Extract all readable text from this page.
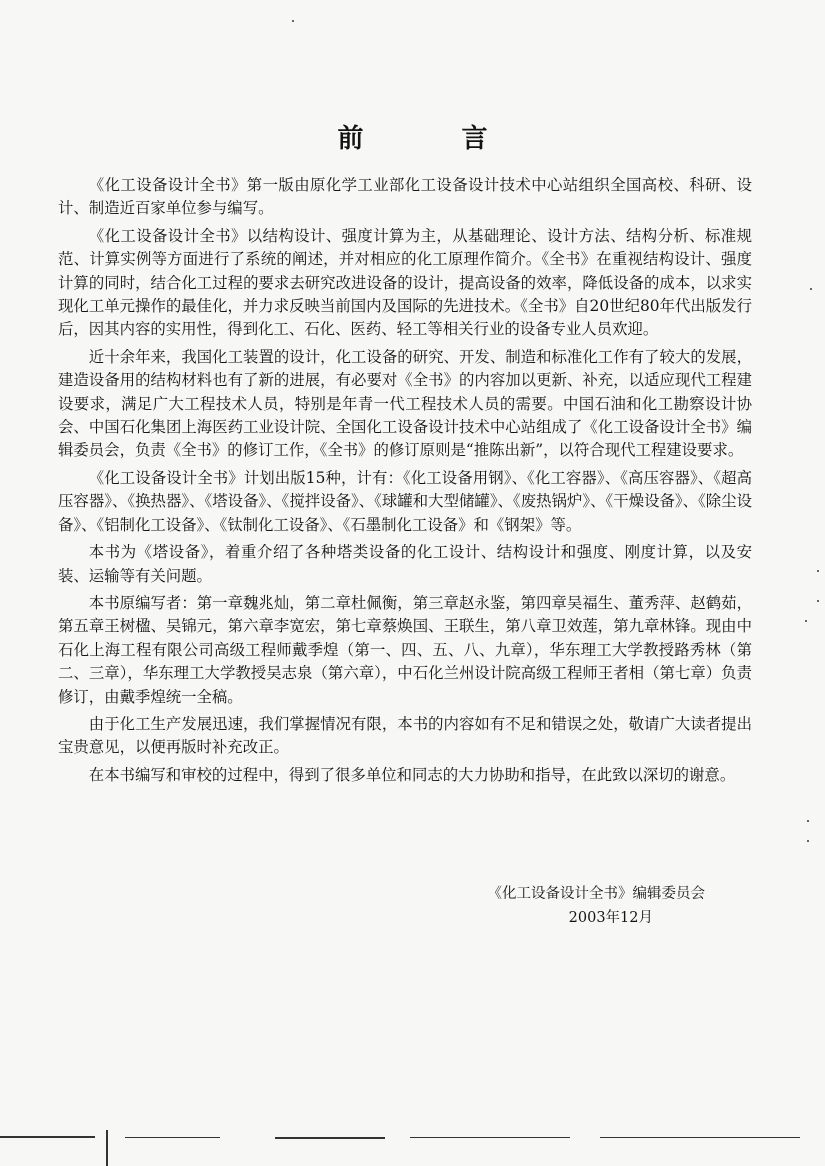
前　言

《化工设备设计全书》第一版由原化学工业部化工设备设计技术中心站组织全国高校、科研、设计、制造近百家单位参与编写。

《化工设备设计全书》以结构设计、强度计算为主，从基础理论、设计方法、结构分析、标准规范、计算实例等方面进行了系统的阐述，并对相应的化工原理作简介。《全书》在重视结构设计、强度计算的同时，结合化工过程的要求去研究改进设备的设计，提高设备的效率，降低设备的成本，以求实现化工单元操作的最佳化，并力求反映当前国内及国际的先进技术。《全书》自20世纪80年代出版发行后，因其内容的实用性，得到化工、石化、医药、轻工等相关行业的设备专业人员欢迎。

近十余年来，我国化工装置的设计，化工设备的研究、开发、制造和标准化工作有了较大的发展，建造设备用的结构材料也有了新的进展，有必要对《全书》的内容加以更新、补充，以适应现代工程建设要求，满足广大工程技术人员，特别是年青一代工程技术人员的需要。中国石油和化工勘察设计协会、中国石化集团上海医药工业设计院、全国化工设备设计技术中心站组成了《化工设备设计全书》编辑委员会，负责《全书》的修订工作，《全书》的修订原则是“推陈出新”，以符合现代工程建设要求。

《化工设备设计全书》计划出版15种，计有：《化工设备用钢》、《化工容器》、《高压容器》、《超高压容器》、《换热器》、《塔设备》、《搅拌设备》、《球罐和大型储罐》、《废热锅炉》、《干燥设备》、《除尘设备》、《铝制化工设备》、《钛制化工设备》、《石墨制化工设备》和《钢架》等。

本书为《塔设备》，着重介绍了各种塔类设备的化工设计、结构设计和强度、刚度计算，以及安装、运输等有关问题。

本书原编写者：第一章魏兆灿，第二章杜佩衡，第三章赵永鉴，第四章吴福生、董秀萍、赵鹤茹，第五章王树楹、吴锦元，第六章李宽宏，第七章蔡焕国、王联生，第八章卫效莲，第九章林锋。现由中石化上海工程有限公司高级工程师戴季煌（第一、四、五、八、九章），华东理工大学教授路秀林（第二、三章），华东理工大学教授吴志泉（第六章），中石化兰州设计院高级工程师王者相（第七章）负责修订，由戴季煌统一全稿。

由于化工生产发展迅速，我们掌握情况有限，本书的内容如有不足和错误之处，敬请广大读者提出宝贵意见，以便再版时补充改正。

在本书编写和审校的过程中，得到了很多单位和同志的大力协助和指导，在此致以深切的谢意。

《化工设备设计全书》编辑委员会
2003年12月
